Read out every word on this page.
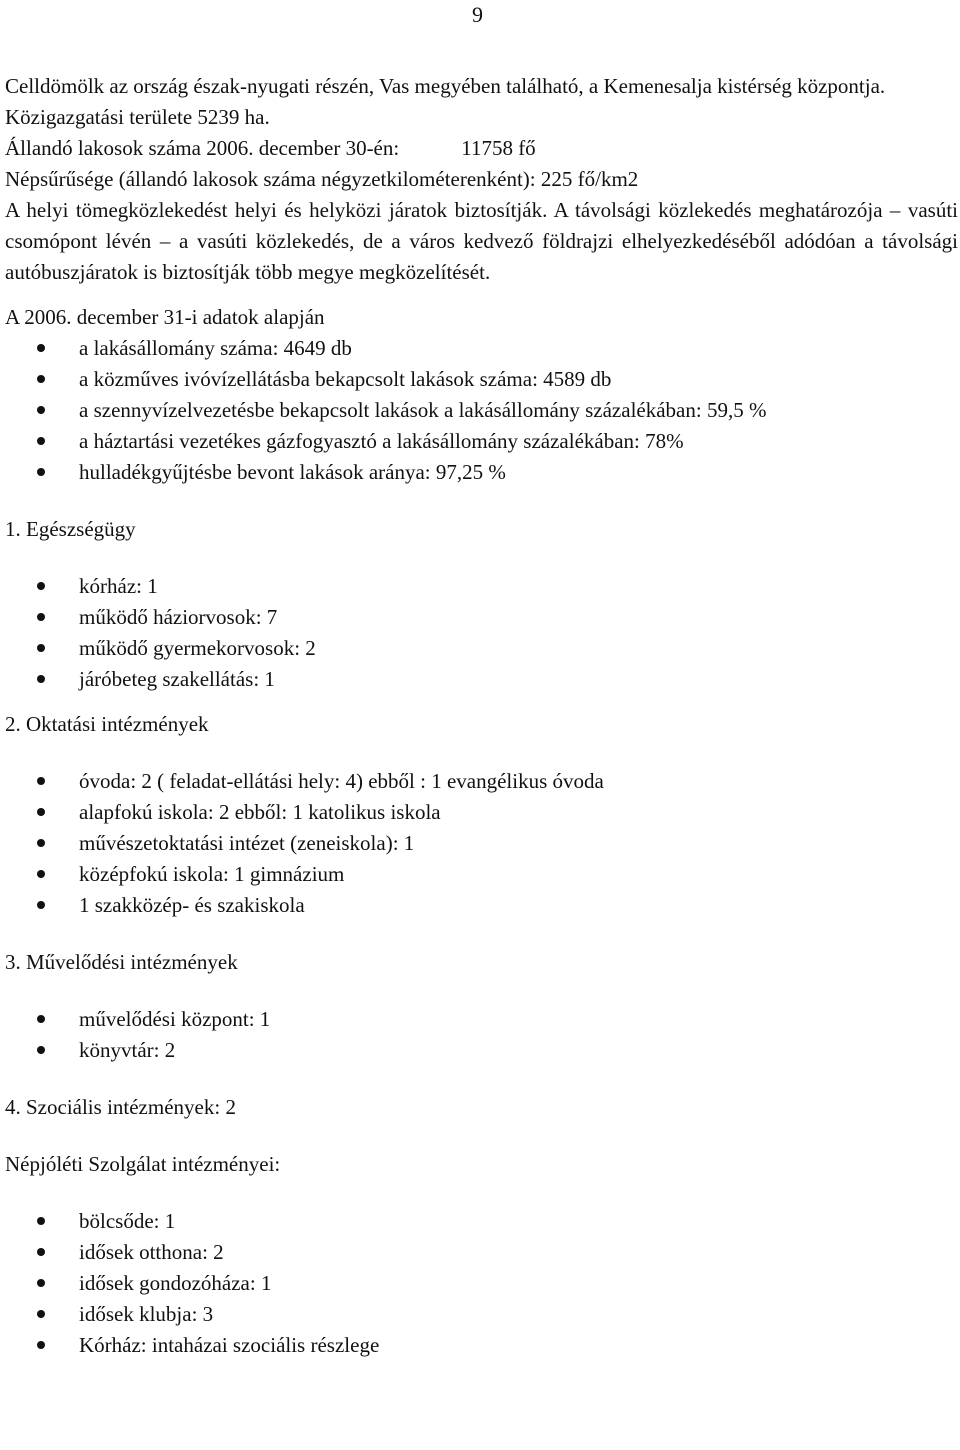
9

Celldömölk az ország észak-nyugati részén, Vas megyében található, a Kemenesalja kistérség központja.

Közigazgatási területe 5239 ha.

Állandó lakosok száma 2006. december 30-én:	11758 fő

Népsűrűsége (állandó lakosok száma négyzetkilométerenként): 225 fő/km2

A helyi tömegközlekedést helyi és helyközi járatok biztosítják. A távolsági közlekedés meghatározója – vasúti csomópont lévén – a vasúti közlekedés, de a város kedvező földrajzi elhelyezkedéséből adódóan a távolsági autóbuszjáratok is biztosítják több megye megközelítését.

A 2006. december 31-i adatok alapján

a lakásállomány száma: 4649 db
a közműves ivóvízellátásba bekapcsolt lakások száma: 4589 db
a szennyvízelvezetésbe bekapcsolt lakások a lakásállomány százalékában: 59,5 %
a háztartási vezetékes gázfogyasztó a lakásállomány százalékában: 78%
hulladékgyűjtésbe bevont lakások aránya: 97,25 %

1. Egészségügy

kórház: 1
működő háziorvosok: 7
működő gyermekorvosok: 2
járóbeteg szakellátás: 1

2. Oktatási intézmények

óvoda: 2 ( feladat-ellátási hely: 4) ebből : 1 evangélikus óvoda
alapfokú iskola: 2 ebből: 1 katolikus iskola
művészetoktatási intézet (zeneiskola): 1
középfokú iskola: 1 gimnázium
1 szakközép- és szakiskola

3. Művelődési intézmények

művelődési központ: 1
könyvtár: 2

4. Szociális intézmények: 2

Népjóléti Szolgálat intézményei:

bölcsőde: 1
idősek otthona: 2
idősek gondozóháza: 1
idősek klubja: 3
Kórház: intaházai szociális részlege
